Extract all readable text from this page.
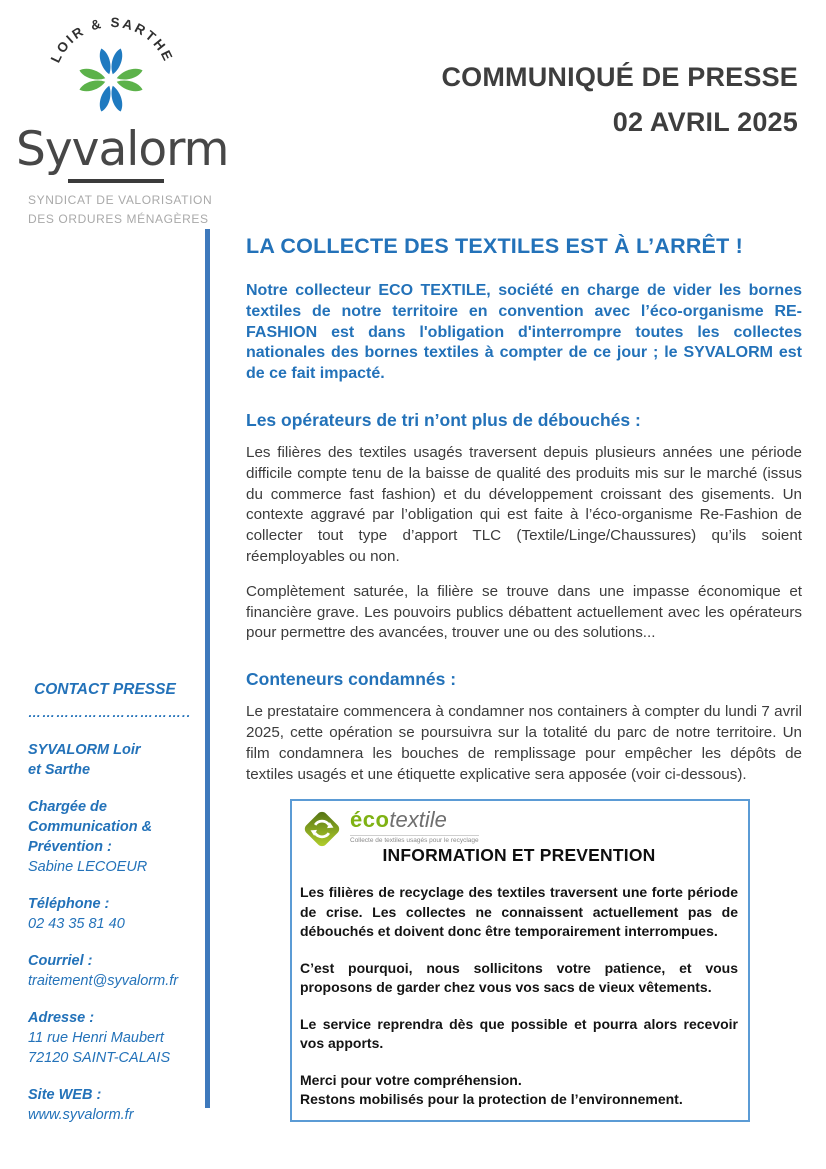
LOIR & SARTHE
Syvalorm
SYNDICAT DE VALORISATION
DES ORDURES MÉNAGÈRES
COMMUNIQUÉ DE PRESSE
02 AVRIL 2025
CONTACT PRESSE
……………………………..
SYVALORM Loir
et Sarthe
Chargée de
Communication &
Prévention :
Sabine LECOEUR
Téléphone :
02 43 35 81 40
Courriel :
traitement@syvalorm.fr
Adresse :
11 rue Henri Maubert
72120 SAINT-CALAIS
Site WEB :
www.syvalorm.fr
LA COLLECTE DES TEXTILES EST À L’ARRÊT !
Notre collecteur ECO TEXTILE, société en charge de vider les bornes textiles de notre territoire en convention avec l’éco-organisme RE-FASHION est dans l'obligation d'interrompre toutes les collectes nationales des bornes textiles à compter de ce jour ; le SYVALORM est de ce fait impacté.
Les opérateurs de tri n’ont plus de débouchés :
Les filières des textiles usagés traversent depuis plusieurs années une période difficile compte tenu de la baisse de qualité des produits mis sur le marché (issus du commerce fast fashion) et du développement croissant des gisements. Un contexte aggravé par l’obligation qui est faite à l’éco-organisme Re-Fashion de collecter tout type d’apport TLC (Textile/Linge/Chaussures) qu’ils soient réemployables ou non.
Complètement saturée, la filière se trouve dans une impasse économique et financière grave. Les pouvoirs publics débattent actuellement avec les opérateurs pour permettre des avancées, trouver une ou des solutions...
Conteneurs condamnés :
Le prestataire commencera à condamner nos containers à compter du lundi 7 avril 2025, cette opération se poursuivra sur la totalité du parc de notre territoire. Un film condamnera les bouches de remplissage pour empêcher les dépôts de textiles usagés et une étiquette explicative sera apposée (voir ci-dessous).
écotextile
Collecte de textiles usagés pour le recyclage
INFORMATION ET PREVENTION
Les filières de recyclage des textiles traversent une forte période de crise. Les collectes ne connaissent actuellement pas de débouchés et doivent donc être temporairement interrompues.
C’est pourquoi, nous sollicitons votre patience, et vous proposons de garder chez vous vos sacs de vieux vêtements.
Le service reprendra dès que possible et pourra alors recevoir vos apports.
Merci pour votre compréhension.
Restons mobilisés pour la protection de l’environnement.
